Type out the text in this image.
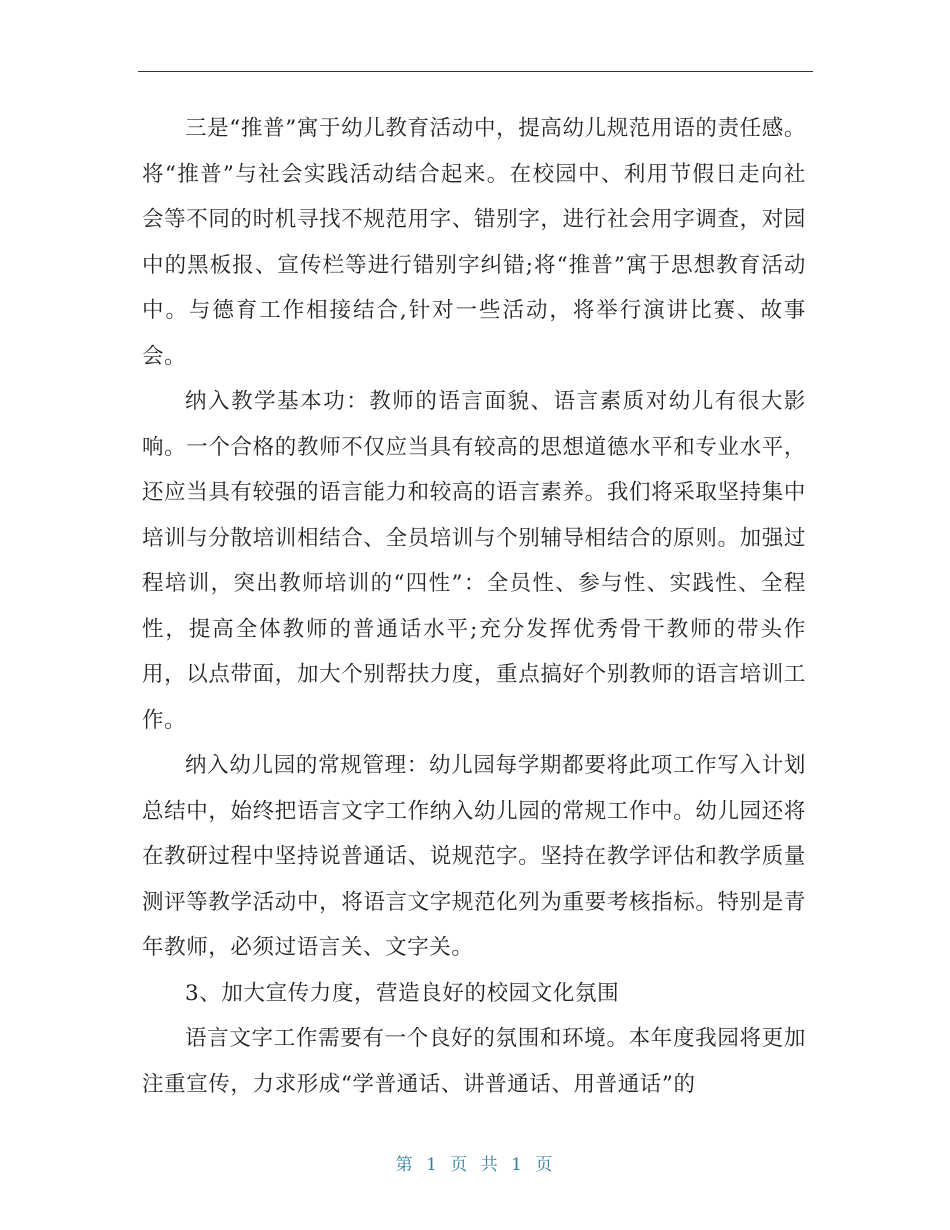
三是“推普”寓于幼儿教育活动中，提高幼儿规范用语的责任感。将“推普”与社会实践活动结合起来。在校园中、利用节假日走向社会等不同的时机寻找不规范用字、错别字，进行社会用字调查，对园中的黑板报、宣传栏等进行错别字纠错;将“推普”寓于思想教育活动中。与德育工作相接结合,针对一些活动，将举行演讲比赛、故事会。

纳入教学基本功：教师的语言面貌、语言素质对幼儿有很大影响。一个合格的教师不仅应当具有较高的思想道德水平和专业水平，还应当具有较强的语言能力和较高的语言素养。我们将采取坚持集中培训与分散培训相结合、全员培训与个别辅导相结合的原则。加强过程培训，突出教师培训的“四性”：全员性、参与性、实践性、全程性，提高全体教师的普通话水平;充分发挥优秀骨干教师的带头作用，以点带面，加大个别帮扶力度，重点搞好个别教师的语言培训工作。

纳入幼儿园的常规管理：幼儿园每学期都要将此项工作写入计划总结中，始终把语言文字工作纳入幼儿园的常规工作中。幼儿园还将在教研过程中坚持说普通话、说规范字。坚持在教学评估和教学质量测评等教学活动中，将语言文字规范化列为重要考核指标。特别是青年教师，必须过语言关、文字关。

3、加大宣传力度，营造良好的校园文化氛围

语言文字工作需要有一个良好的氛围和环境。本年度我园将更加注重宣传，力求形成“学普通话、讲普通话、用普通话”的

第 1 页 共 1 页
